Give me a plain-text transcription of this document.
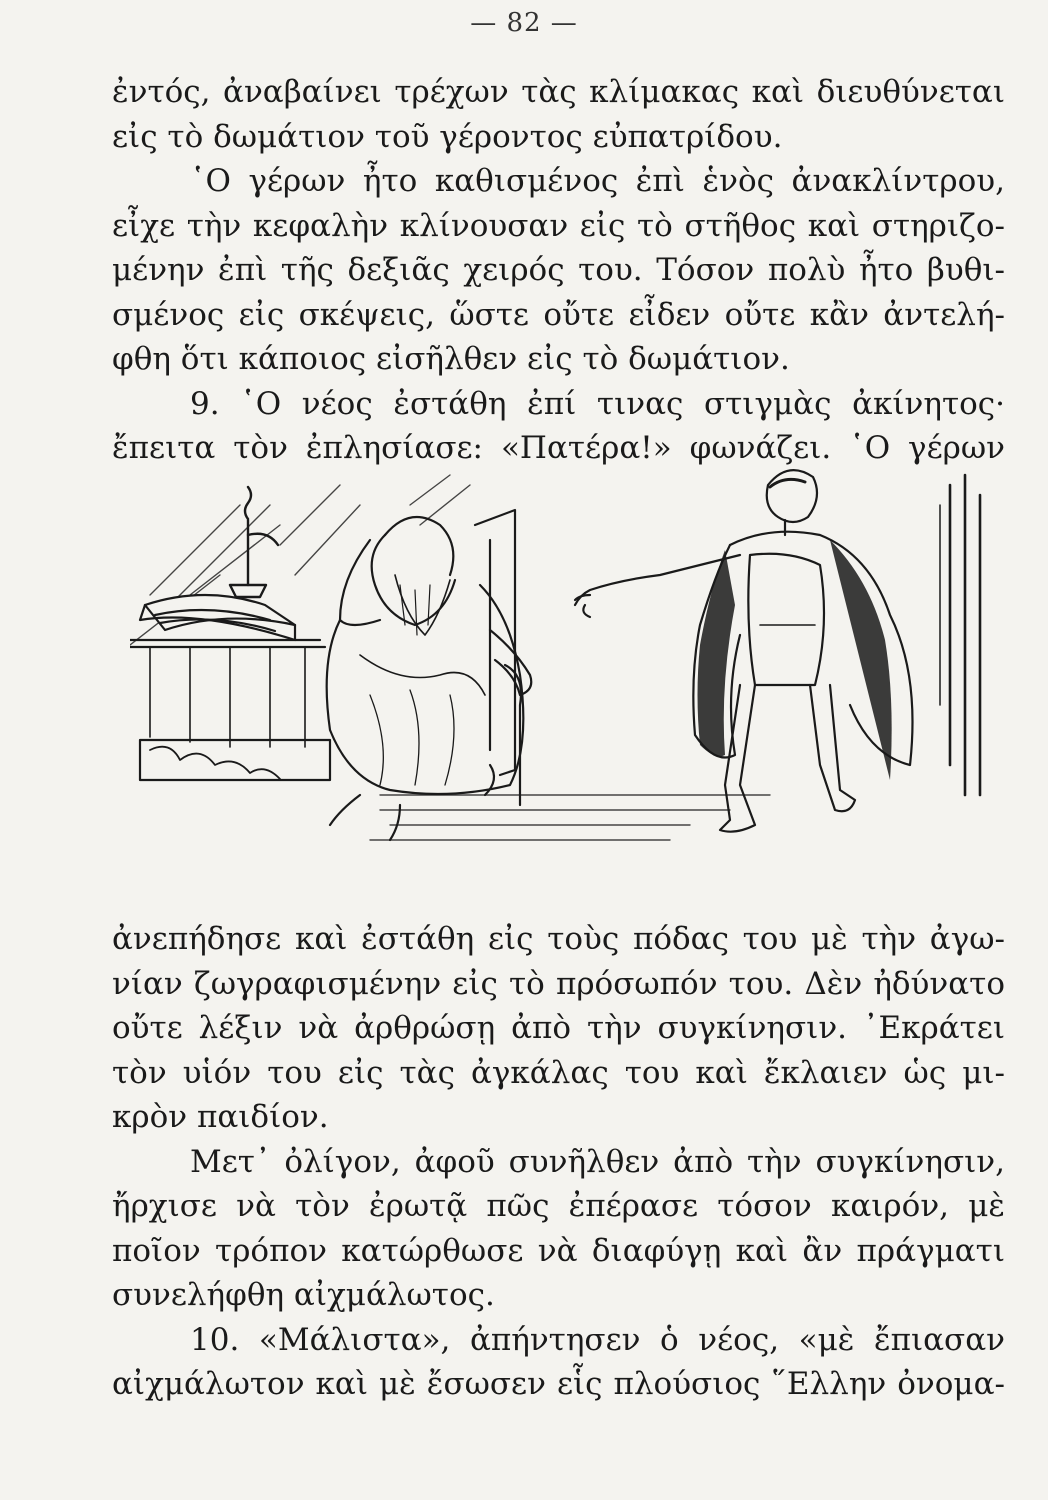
— 82 —
ἐντός, ἀναβαίνει τρέχων τὰς κλίμακας καὶ διευθύνεται
εἰς τὸ δωμάτιον τοῦ γέροντος εὐπατρίδου.
῾Ο γέρων ἦτο καθισμένος ἐπὶ ἑνὸς ἀνακλίντρου,
εἶχε τὴν κεφαλὴν κλίνουσαν εἰς τὸ στῆθος καὶ στηριζο-
μένην ἐπὶ τῆς δεξιᾶς χειρός του. Τόσον πολὺ ἦτο βυθι-
σμένος εἰς σκέψεις, ὥστε οὔτε εἶδεν οὔτε κἂν ἀντελή-
φθη ὅτι κάποιος εἰσῆλθεν εἰς τὸ δωμάτιον.
9. ῾Ο νέος ἐστάθη ἐπί τινας στιγμὰς ἀκίνητος·
ἔπειτα τὸν ἐπλησίασε: «Πατέρα!» φωνάζει. ῾Ο γέρων
ἀνεπήδησε καὶ ἐστάθη εἰς τοὺς πόδας του μὲ τὴν ἀγω-
νίαν ζωγραφισμένην εἰς τὸ πρόσωπόν του. Δὲν ἠδύνατο
οὔτε λέξιν νὰ ἀρθρώσῃ ἀπὸ τὴν συγκίνησιν. ᾿Εκράτει
τὸν υἱόν του εἰς τὰς ἀγκάλας του καὶ ἔκλαιεν ὡς μι-
κρὸν παιδίον.
Μετ᾿ ὀλίγον, ἀφοῦ συνῆλθεν ἀπὸ τὴν συγκίνησιν,
ἤρχισε νὰ τὸν ἐρωτᾷ πῶς ἐπέρασε τόσον καιρόν, μὲ
ποῖον τρόπον κατώρθωσε νὰ διαφύγῃ καὶ ἂν πράγματι
συνελήφθη αἰχμάλωτος.
10. «Μάλιστα», ἀπήντησεν ὁ νέος, «μὲ ἔπιασαν
αἰχμάλωτον καὶ μὲ ἔσωσεν εἷς πλούσιος ῞Ελλην ὀνομα-
